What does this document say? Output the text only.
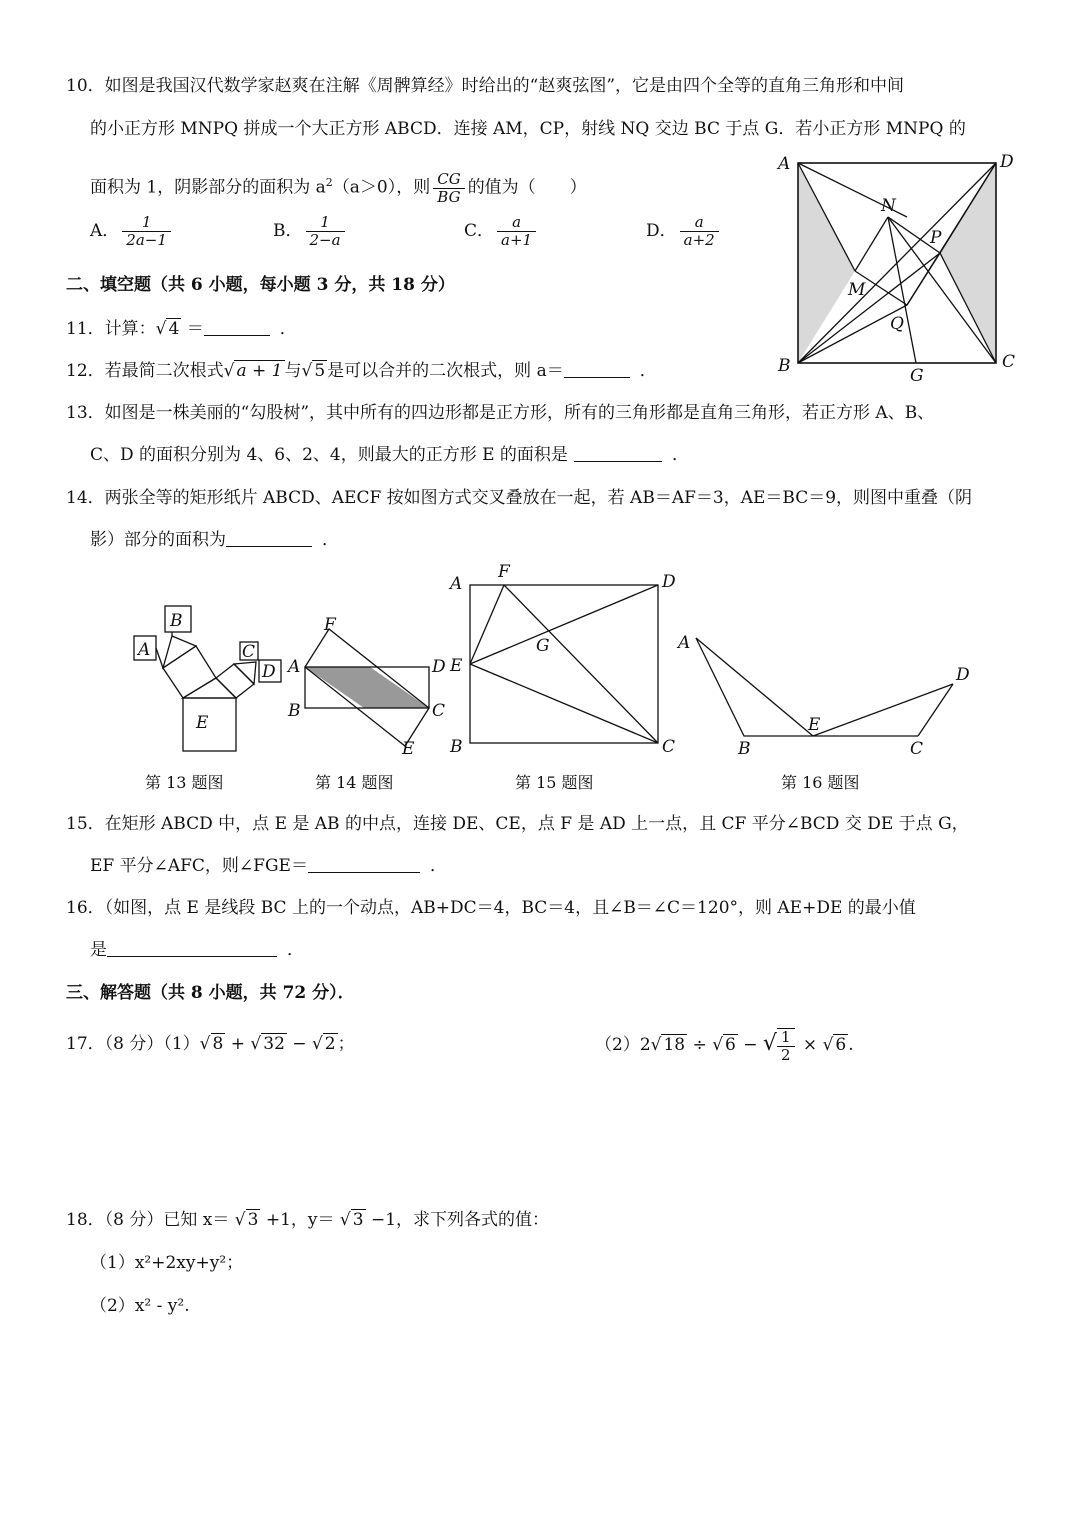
10．如图是我国汉代数学家赵爽在注解《周髀算经》时给出的“赵爽弦图”，它是由四个全等的直角三角形和中间
的小正方形 MNPQ 拼成一个大正方形 ABCD．连接 AM，CP，射线 NQ 交边 BC 于点 G．若小正方形 MNPQ 的
面积为 1，阴影部分的面积为 $a^2(a>0)$，则 $\frac{CG}{BG}$ 的值为（　　）
A． $\frac{1}{2a-1}$	B． $\frac{1}{2-a}$	C． $\frac{a}{a+1}$	D． $\frac{a}{a+2}$
A	D
B	C
N
P
M
Q
G
二、填空题（共 6 小题，每小题 3 分，共 18 分）
11．计算：√ 4 ＝	．
12．若最简二次根式√ a + 1 与√ 5 是可以合并的二次根式，则 a＝	．
13．如图是一株美丽的“勾股树”，其中所有的四边形都是正方形，所有的三角形都是直角三角形，若正方形 A、B、
C、D 的面积分别为 4、6、2、4，则最大的正方形 E 的面积是	．
14．两张全等的矩形纸片 ABCD、AECF 按如图方式交叉叠放在一起，若 AB＝AF＝3，AE＝BC＝9，则图中重叠（阴
影）部分的面积为	．
A
B
C
D
E
第 13 题图
F
A	D
B	C
E
第 14 题图
A
F	D
G
E
B	C
第 15 题图
A
D
E
B	C
第 16 题图
15．在矩形 ABCD 中，点 E 是 AB 的中点，连接 DE、CE，点 F 是 AD 上一点，且 CF 平分∠BCD 交 DE 于点 G，
EF 平分∠AFC，则∠FGE＝	．
16．（如图，点 E 是线段 BC 上的一个动点，AB+DC＝4，BC＝4，且∠B＝∠C＝120°，则 AE+DE 的最小值
是	．
三、解答题（共 8 小题，共 72 分）．
17．（8 分）（1）√ 8 + √ 32 − √ 2 ；	（2）2√ 18 ÷ √ 6 − √ $\frac{1}{2}$ × √ 6 .
18．（8 分）已知 x＝ √ 3 +1，y＝ √ 3 −1，求下列各式的值：
（1）x²+2xy+y²；
（2）x² - y².
